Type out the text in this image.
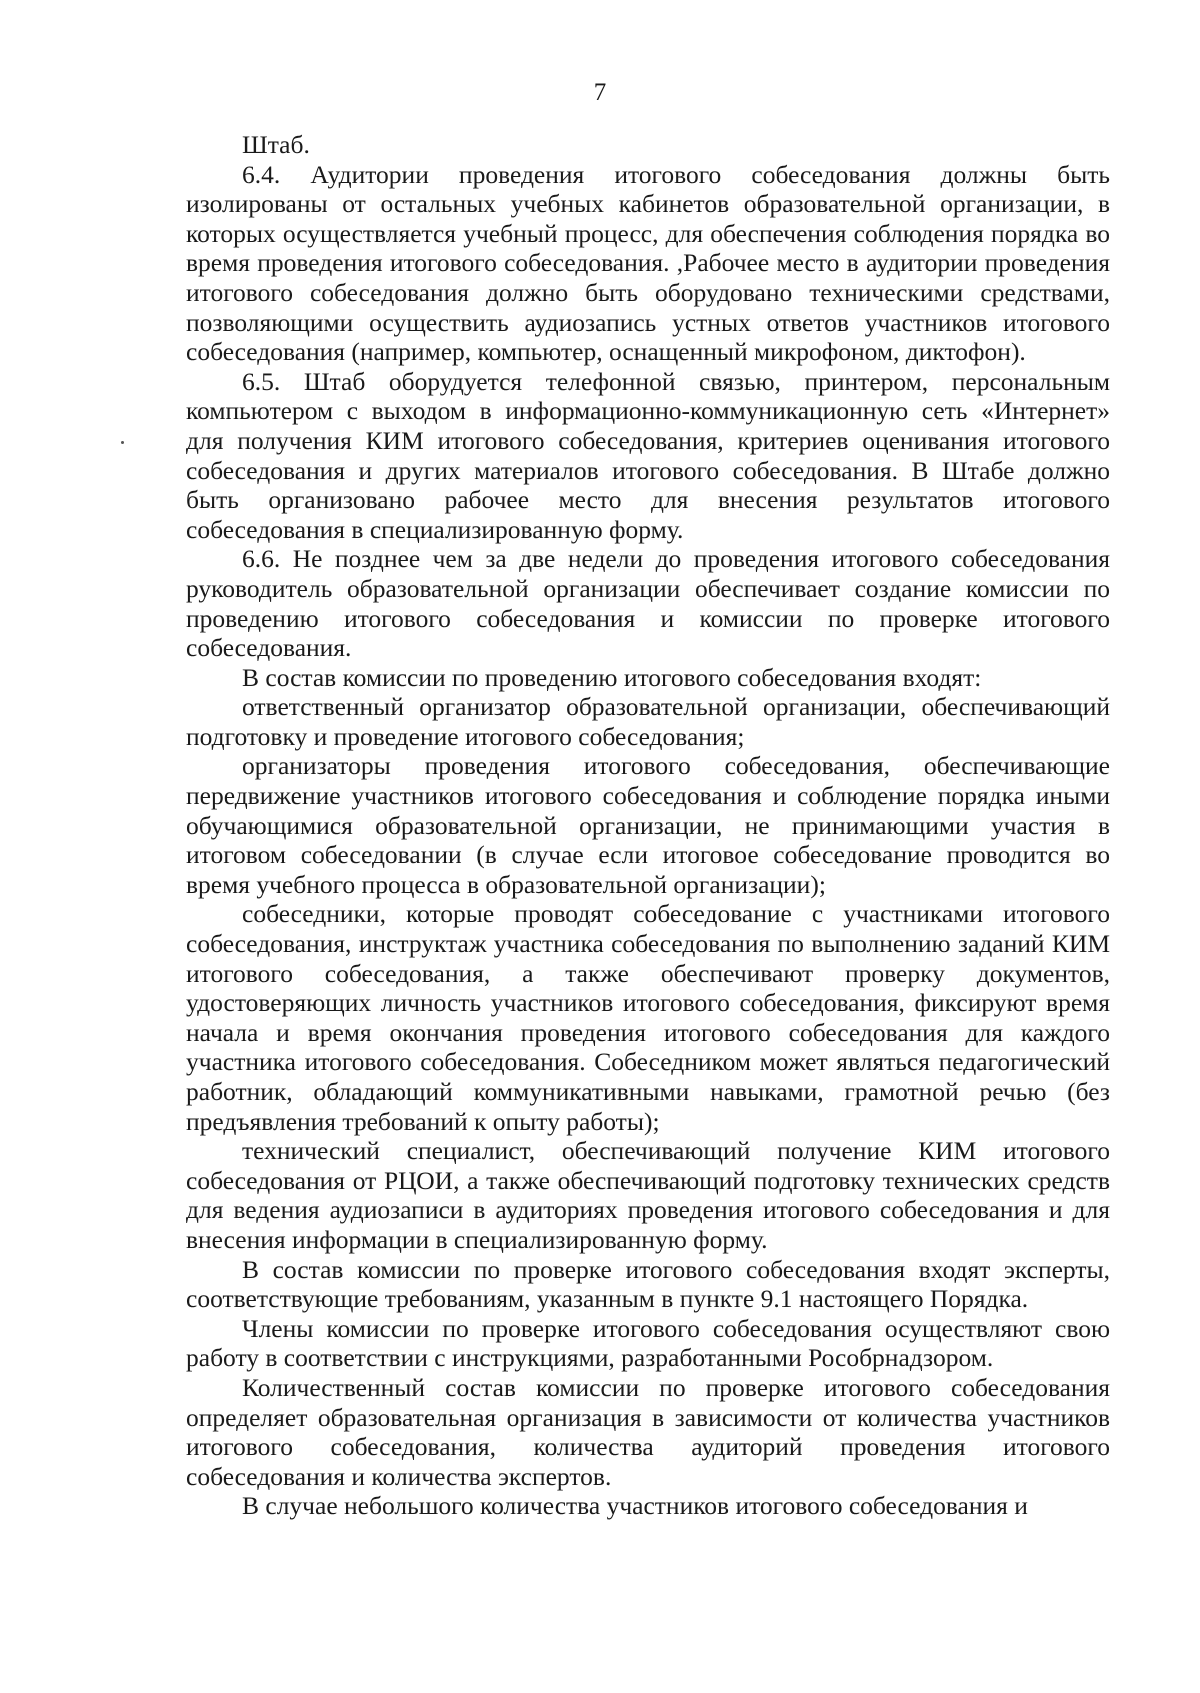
7

Штаб.

6.4. Аудитории проведения итогового собеседования должны быть изолированы от остальных учебных кабинетов образовательной организации, в которых осуществляется учебный процесс, для обеспечения соблюдения порядка во время проведения итогового собеседования. ,Рабочее место в аудитории проведения итогового собеседования должно быть оборудовано техническими средствами, позволяющими осуществить аудиозапись устных ответов участников итогового собеседования (например, компьютер, оснащенный микрофоном, диктофон).

6.5. Штаб оборудуется телефонной связью, принтером, персональным компьютером с выходом в информационно-коммуникационную сеть «Интернет» для получения КИМ итогового собеседования, критериев оценивания итогового собеседования и других материалов итогового собеседования. В Штабе должно быть организовано рабочее место для внесения результатов итогового собеседования в специализированную форму.

6.6. Не позднее чем за две недели до проведения итогового собеседования руководитель образовательной организации обеспечивает создание комиссии по проведению итогового собеседования и комиссии по проверке итогового собеседования.

В состав комиссии по проведению итогового собеседования входят:

ответственный организатор образовательной организации, обеспечивающий подготовку и проведение итогового собеседования;

организаторы проведения итогового собеседования, обеспечивающие передвижение участников итогового собеседования и соблюдение порядка иными обучающимися образовательной организации, не принимающими участия в итоговом собеседовании (в случае если итоговое собеседование проводится во время учебного процесса в образовательной организации);

собеседники, которые проводят собеседование с участниками итогового собеседования, инструктаж участника собеседования по выполнению заданий КИМ итогового собеседования, а также обеспечивают проверку документов, удостоверяющих личность участников итогового собеседования, фиксируют время начала и время окончания проведения итогового собеседования для каждого участника итогового собеседования. Собеседником может являться педагогический работник, обладающий коммуникативными навыками, грамотной речью (без предъявления требований к опыту работы);

технический специалист, обеспечивающий получение КИМ итогового собеседования от РЦОИ, а также обеспечивающий подготовку технических средств для ведения аудиозаписи в аудиториях проведения итогового собеседования и для внесения информации в специализированную форму.

В состав комиссии по проверке итогового собеседования входят эксперты, соответствующие требованиям, указанным в пункте 9.1 настоящего Порядка.

Члены комиссии по проверке итогового собеседования осуществляют свою работу в соответствии с инструкциями, разработанными Рособрнадзором.

Количественный состав комиссии по проверке итогового собеседования определяет образовательная организация в зависимости от количества участников итогового собеседования, количества аудиторий проведения итогового собеседования и количества экспертов.

В случае небольшого количества участников итогового собеседования и
